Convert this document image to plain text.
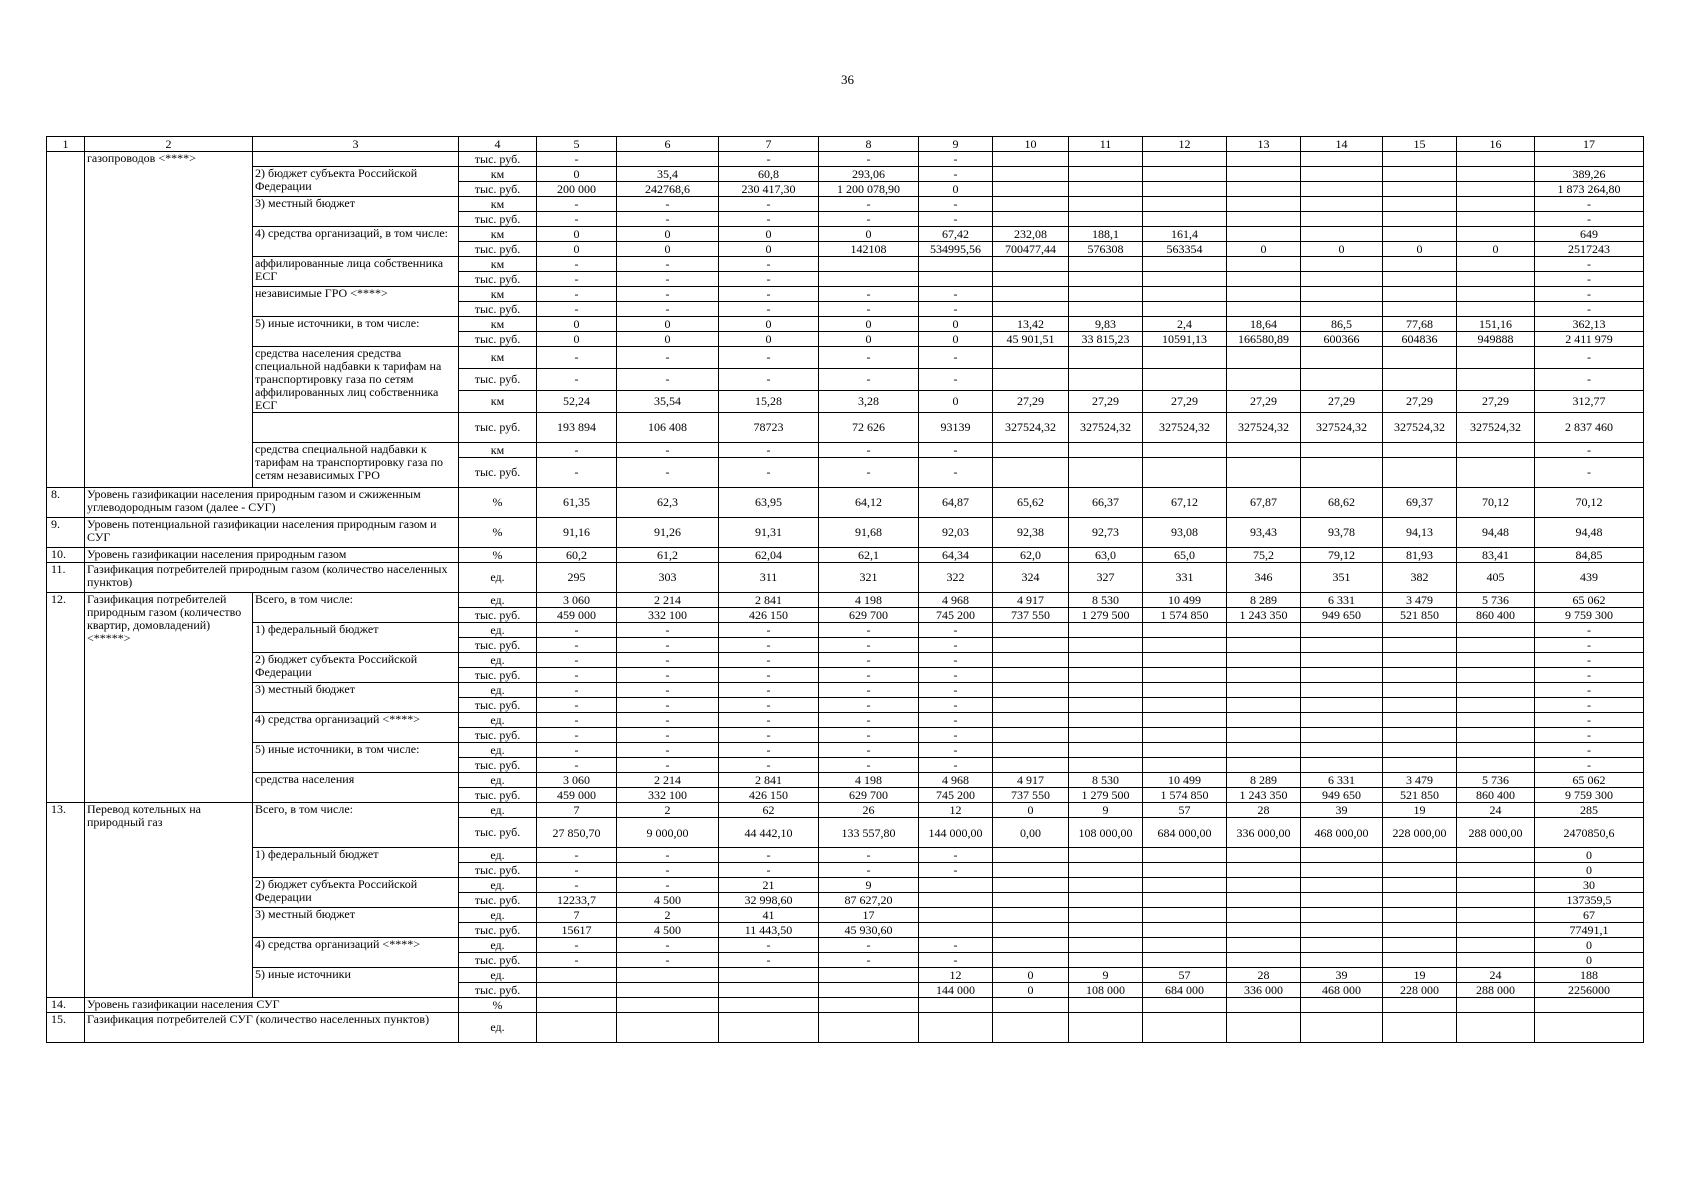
36
1	2	3	4	5	6	7	8	9	10	11	12	13	14	15	16	17
	газопроводов <****>		тыс. руб.	-		-	-	-								
		2) бюджет субъекта Российской Федерации	км	0	35,4	60,8	293,06	-								389,26
			тыс. руб.	200 000	242768,6	230 417,30	1 200 078,90	0								1 873 264,80
		3) местный бюджет	км	-	-	-	-	-								-
			тыс. руб.	-	-	-	-	-								-
		4) средства организаций, в том числе:	км	0	0	0	0	67,42	232,08	188,1	161,4					649
			тыс. руб.	0	0	0	142108	534995,56	700477,44	576308	563354	0	0	0	0	2517243
		аффилированные лица собственника ЕСГ	км	-	-	-										-
			тыс. руб.	-	-	-										-
		независимые ГРО <****>	км	-	-	-	-	-								-
			тыс. руб.	-	-	-	-	-								-
		5) иные источники, в том числе:	км	0	0	0	0	0	13,42	9,83	2,4	18,64	86,5	77,68	151,16	362,13
			тыс. руб.	0	0	0	0	0	45 901,51	33 815,23	10591,13	166580,89	600366	604836	949888	2 411 979
		средства населения средства специальной надбавки к тарифам на транспортировку газа по сетям аффилированных лиц собственника ЕСГ	км	-	-	-	-	-								-
			тыс. руб.	-	-	-	-	-								-
			км	52,24	35,54	15,28	3,28	0	27,29	27,29	27,29	27,29	27,29	27,29	27,29	312,77
			тыс. руб.	193 894	106 408	78723	72 626	93139	327524,32	327524,32	327524,32	327524,32	327524,32	327524,32	327524,32	2 837 460
		средства специальной надбавки к тарифам на транспортировку газа по сетям независимых ГРО	км	-	-	-	-	-								-
			тыс. руб.	-	-	-	-	-								-
8.	Уровень газификации населения природным газом и сжиженным углеводородным газом (далее - СУГ)		%	61,35	62,3	63,95	64,12	64,87	65,62	66,37	67,12	67,87	68,62	69,37	70,12	70,12
9.	Уровень потенциальной газификации населения природным газом и СУГ		%	91,16	91,26	91,31	91,68	92,03	92,38	92,73	93,08	93,43	93,78	94,13	94,48	94,48
10.	Уровень газификации населения природным газом		%	60,2	61,2	62,04	62,1	64,34	62,0	63,0	65,0	75,2	79,12	81,93	83,41	84,85
11.	Газификация потребителей природным газом (количество населенных пунктов)		ед.	295	303	311	321	322	324	327	331	346	351	382	405	439
12.	Газификация потребителей природным газом (количество квартир, домовладений) <*****>	Всего, в том числе:	ед.	3 060	2 214	2 841	4 198	4 968	4 917	8 530	10 499	8 289	6 331	3 479	5 736	65 062
			тыс. руб.	459 000	332 100	426 150	629 700	745 200	737 550	1 279 500	1 574 850	1 243 350	949 650	521 850	860 400	9 759 300
		1) федеральный бюджет	ед.	-	-	-	-	-								-
			тыс. руб.	-	-	-	-	-								-
		2) бюджет субъекта Российской Федерации	ед.	-	-	-	-	-								-
			тыс. руб.	-	-	-	-	-								-
		3) местный бюджет	ед.	-	-	-	-	-								-
			тыс. руб.	-	-	-	-	-								-
		4) средства организаций <****>	ед.	-	-	-	-	-								-
			тыс. руб.	-	-	-	-	-								-
		5) иные источники, в том числе:	ед.	-	-	-	-	-								-
			тыс. руб.	-	-	-	-	-								-
		средства населения	ед.	3 060	2 214	2 841	4 198	4 968	4 917	8 530	10 499	8 289	6 331	3 479	5 736	65 062
			тыс. руб.	459 000	332 100	426 150	629 700	745 200	737 550	1 279 500	1 574 850	1 243 350	949 650	521 850	860 400	9 759 300
13.	Перевод котельных на природный газ	Всего, в том числе:	ед.	7	2	62	26	12	0	9	57	28	39	19	24	285
			тыс. руб.	27 850,70	9 000,00	44 442,10	133 557,80	144 000,00	0,00	108 000,00	684 000,00	336 000,00	468 000,00	228 000,00	288 000,00	2470850,6
		1) федеральный бюджет	ед.	-	-	-	-	-								0
			тыс. руб.	-	-	-	-	-								0
		2) бюджет субъекта Российской Федерации	ед.	-	-	21	9									30
			тыс. руб.	12233,7	4 500	32 998,60	87 627,20									137359,5
		3) местный бюджет	ед.	7	2	41	17									67
			тыс. руб.	15617	4 500	11 443,50	45 930,60									77491,1
		4) средства организаций <****>	ед.	-	-	-	-	-								0
			тыс. руб.	-	-	-	-	-								0
		5) иные источники	ед.					12	0	9	57	28	39	19	24	188
			тыс. руб.					144 000	0	108 000	684 000	336 000	468 000	228 000	288 000	2256000
14.	Уровень газификации населения СУГ		%													
15.	Газификация потребителей СУГ (количество населенных пунктов)		ед.													
